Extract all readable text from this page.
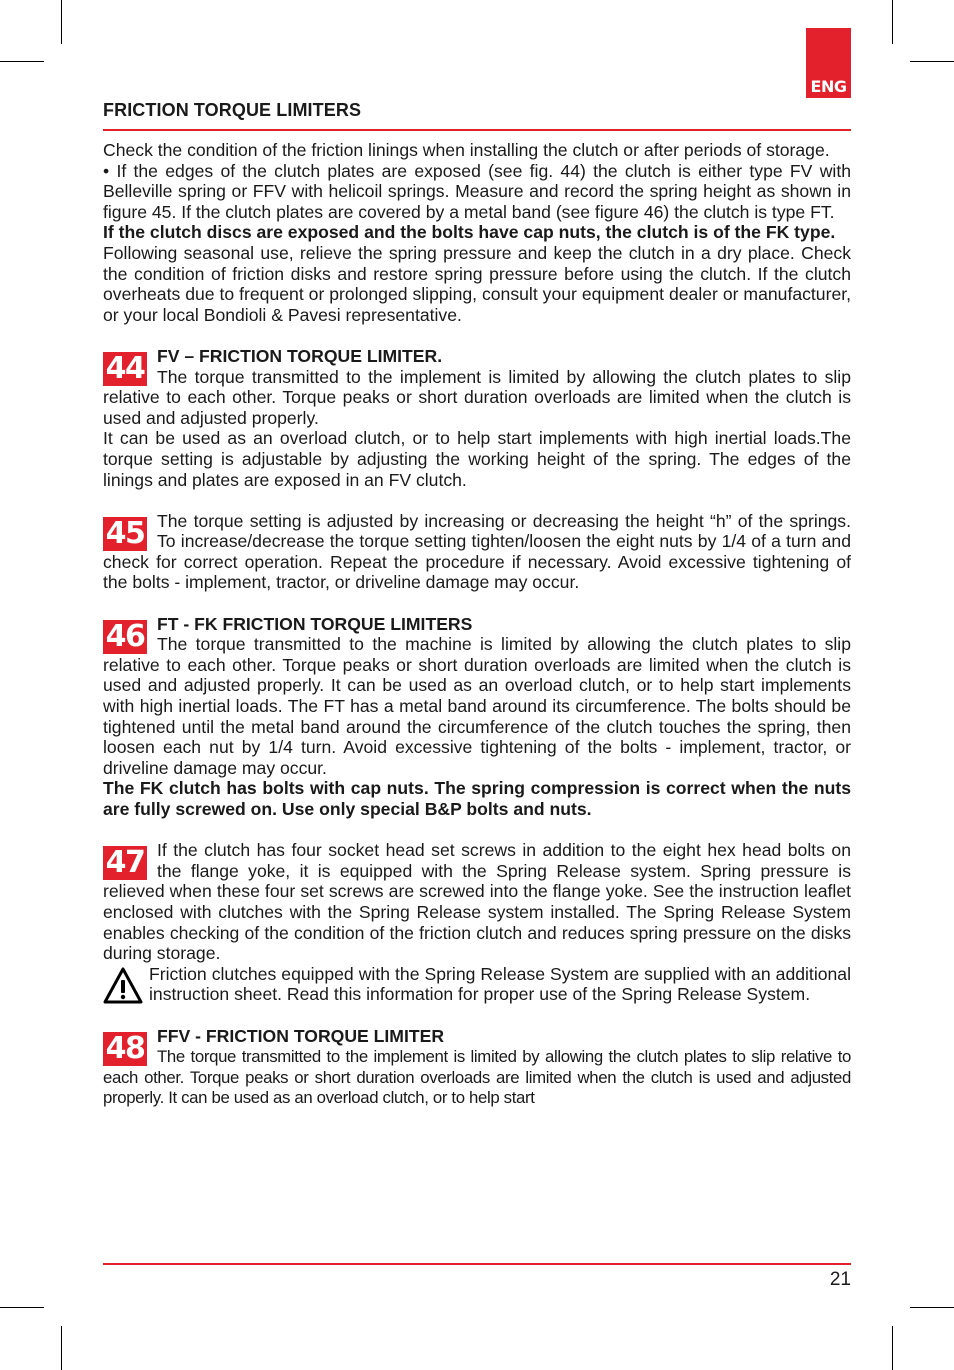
ENG
FRICTION TORQUE LIMITERS

Check the condition of the friction linings when installing the clutch or after periods of storage.

• If the edges of the clutch plates are exposed (see fig. 44) the clutch is either type FV with Belleville spring or FFV with helicoil springs. Measure and record the spring height as shown in figure 45. If the clutch plates are covered by a metal band (see figure 46) the clutch is type FT.

If the clutch discs are exposed and the bolts have cap nuts, the clutch is of the FK type.

Following seasonal use, relieve the spring pressure and keep the clutch in a dry place. Check the condition of friction disks and restore spring pressure before using the clutch. If the clutch overheats due to frequent or prolonged slipping, consult your equipment dealer or manufacturer, or your local Bondioli & Pavesi representative.

44 FV – FRICTION TORQUE LIMITER.

The torque transmitted to the implement is limited by allowing the clutch plates to slip relative to each other. Torque peaks or short duration overloads are limited when the clutch is used and adjusted properly.

It can be used as an overload clutch, or to help start implements with high inertial loads.The torque setting is adjustable by adjusting the working height of the spring. The edges of the linings and plates are exposed in an FV clutch.

45 The torque setting is adjusted by increasing or decreasing the height “h” of the springs. To increase/decrease the torque setting tighten/loosen the eight nuts by 1/4 of a turn and check for correct operation. Repeat the procedure if necessary. Avoid excessive tightening of the bolts - implement, tractor, or driveline damage may occur.

46 FT - FK FRICTION TORQUE LIMITERS

The torque transmitted to the machine is limited by allowing the clutch plates to slip relative to each other. Torque peaks or short duration overloads are limited when the clutch is used and adjusted properly. It can be used as an overload clutch, or to help start implements with high inertial loads. The FT has a metal band around its circumference. The bolts should be tightened until the metal band around the circumference of the clutch touches the spring, then loosen each nut by 1/4 turn. Avoid excessive tightening of the bolts - implement, tractor, or driveline damage may occur.

The FK clutch has bolts with cap nuts. The spring compression is correct when the nuts are fully screwed on. Use only special B&P bolts and nuts.

47 If the clutch has four socket head set screws in addition to the eight hex head bolts on the flange yoke, it is equipped with the Spring Release system. Spring pressure is relieved when these four set screws are screwed into the flange yoke. See the instruction leaflet enclosed with clutches with the Spring Release system installed. The Spring Release System enables checking of the condition of the friction clutch and reduces spring pressure on the disks during storage.

Friction clutches equipped with the Spring Release System are supplied with an additional instruction sheet. Read this information for proper use of the Spring Release System.

48 FFV - FRICTION TORQUE LIMITER

The torque transmitted to the implement is limited by allowing the clutch plates to slip relative to each other. Torque peaks or short duration overloads are limited when the clutch is used and adjusted properly. It can be used as an overload clutch, or to help start

21
